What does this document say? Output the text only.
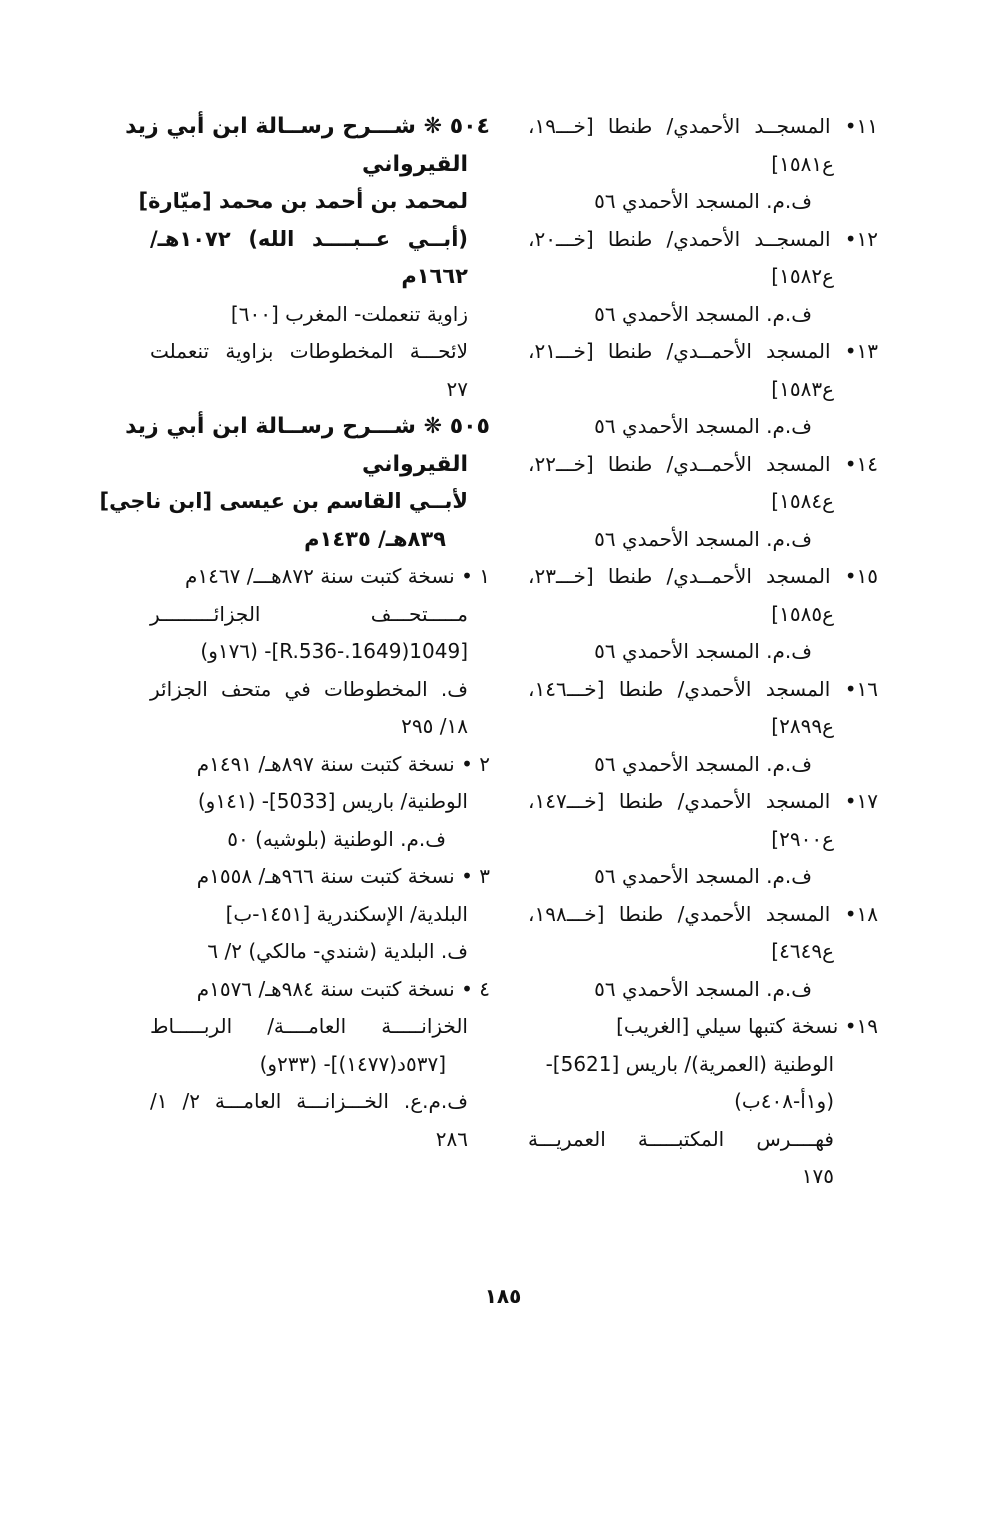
١١• المسجــد الأحمدي/ طنطا [خـــ١٩،
ع١٥٨١]
ف.م. المسجد الأحمدي ٥٦
١٢• المسجــد الأحمدي/ طنطا [خـــ٢٠،
ع١٥٨٢]
ف.م. المسجد الأحمدي ٥٦
١٣• المسجد الأحمــدي/ طنطا [خـــ٢١،
ع١٥٨٣]
ف.م. المسجد الأحمدي ٥٦
١٤• المسجد الأحمــدي/ طنطا [خـــ٢٢،
ع١٥٨٤]
ف.م. المسجد الأحمدي ٥٦
١٥• المسجد الأحمــدي/ طنطا [خـــ٢٣،
ع١٥٨٥]
ف.م. المسجد الأحمدي ٥٦
١٦• المسجد الأحمدي/ طنطا [خـــ١٤٦،
ع٢٨٩٩]
ف.م. المسجد الأحمدي ٥٦
١٧• المسجد الأحمدي/ طنطا [خـــ١٤٧،
ع٢٩٠٠]
ف.م. المسجد الأحمدي ٥٦
١٨• المسجد الأحمدي/ طنطا [خـــ١٩٨،
ع٤٦٤٩]
ف.م. المسجد الأحمدي ٥٦
١٩• نسخة كتبها سيلي [الغريب]
الوطنية (العمرية)/ باريس [5621]-
(و١أ-٤٠٨ب)
فهــــرس المكتبـــــة العمريـــة
١٧٥
٥٠٤ ❋ شـــرح رســالة ابن أبي زيد
القيرواني
لمحمد بن أحمد بن محمد [ميّارة]
(أبــي عــبــــد الله) ١٠٧٢هـ/
١٦٦٢م
زاوية تنعملت- المغرب [٦٠٠]
لائحـــة المخطوطات بزاوية تنعملت
٢٧
٥٠٥ ❋ شـــرح رســالة ابن أبي زيد
القيرواني
لأبــي القاسم بن عيسى [ابن ناجي]
٨٣٩هـ/ ١٤٣٥م
١ • نسخة كتبت سنة ٨٧٢هـــ/ ١٤٦٧م
مـــــتحـــف الجزائـــــــــر
[R.536-.1649)1049]- (١٧٦و)
ف. المخطوطات في متحف الجزائر
١٨/ ٢٩٥
٢ • نسخة كتبت سنة ٨٩٧هـ/ ١٤٩١م
الوطنية/ باريس [5033]- (١٤١و)
ف.م. الوطنية (بلوشيه) ٥٠
٣ • نسخة كتبت سنة ٩٦٦هـ/ ١٥٥٨م
البلدية/ الإسكندرية [١٤٥١-ب]
ف. البلدية (شندي- مالكي) ٢/ ٦
٤ • نسخة كتبت سنة ٩٨٤هـ/ ١٥٧٦م
الخزانـــــة العامــــة/ الربـــــاط
[٥٣٧د(١٤٧٧)]- (٢٣٣و)
ف.م.ع. الخـــزانـــة العامـــة ٢/ ١/
٢٨٦
١٨٥
